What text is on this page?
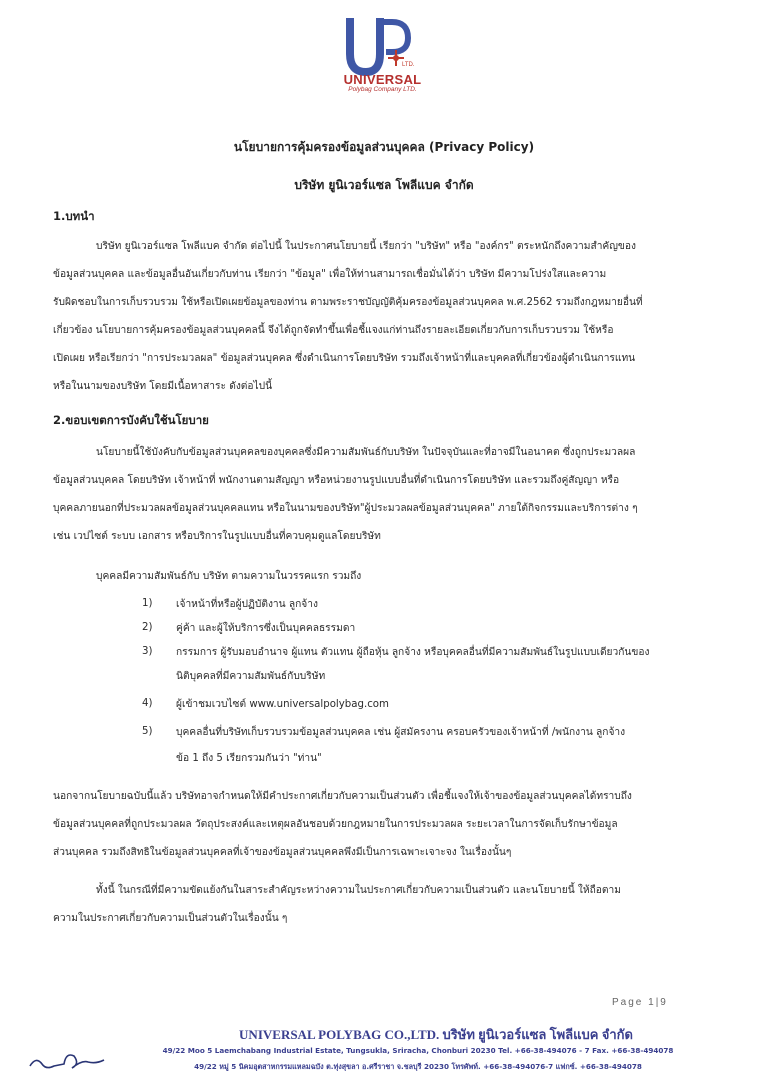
LTD.
UNIVERSAL
Polybag Company LTD.
นโยบายการคุ้มครองข้อมูลส่วนบุคคล (Privacy Policy)
บริษัท ยูนิเวอร์แซล โพลีแบค จำกัด
1.บทนำ
บริษัท ยูนิเวอร์แซล โพลีแบค จำกัด ต่อไปนี้ ในประกาศนโยบายนี้ เรียกว่า "บริษัท" หรือ "องค์กร" ตระหนักถึงความสำคัญของ
ข้อมูลส่วนบุคคล และข้อมูลอื่นอันเกี่ยวกับท่าน เรียกว่า "ข้อมูล" เพื่อให้ท่านสามารถเชื่อมั่นได้ว่า บริษัท มีความโปร่งใสและความ
รับผิดชอบในการเก็บรวบรวม ใช้หรือเปิดเผยข้อมูลของท่าน ตามพระราชบัญญัติคุ้มครองข้อมูลส่วนบุคคล พ.ศ.2562 รวมถึงกฎหมายอื่นที่
เกี่ยวข้อง นโยบายการคุ้มครองข้อมูลส่วนบุคคลนี้ จึงได้ถูกจัดทำขึ้นเพื่อชี้แจงแก่ท่านถึงรายละเอียดเกี่ยวกับการเก็บรวบรวม ใช้หรือ
เปิดเผย หรือเรียกว่า "การประมวลผล" ข้อมูลส่วนบุคคล ซึ่งดำเนินการโดยบริษัท รวมถึงเจ้าหน้าที่และบุคคลที่เกี่ยวข้องผู้ดำเนินการแทน
หรือในนามของบริษัท โดยมีเนื้อหาสาระ ดังต่อไปนี้
2.ขอบเขตการบังคับใช้นโยบาย
นโยบายนี้ใช้บังคับกับข้อมูลส่วนบุคคลของบุคคลซึ่งมีความสัมพันธ์กับบริษัท ในปัจจุบันและที่อาจมีในอนาคต ซึ่งถูกประมวลผล
ข้อมูลส่วนบุคคล โดยบริษัท เจ้าหน้าที่ พนักงานตามสัญญา หรือหน่วยงานรูปแบบอื่นที่ดำเนินการโดยบริษัท และรวมถึงคู่สัญญา หรือ
บุคคลภายนอกที่ประมวลผลข้อมูลส่วนบุคคลแทน หรือในนามของบริษัท"ผู้ประมวลผลข้อมูลส่วนบุคคล" ภายใต้กิจกรรมและบริการต่าง ๆ
เช่น เวปไซต์ ระบบ เอกสาร หรือบริการในรูปแบบอื่นที่ควบคุมดูแลโดยบริษัท
บุคคลมีความสัมพันธ์กับ บริษัท ตามความในวรรคแรก รวมถึง
1) เจ้าหน้าที่หรือผู้ปฏิบัติงาน ลูกจ้าง
2) คู่ค้า และผู้ให้บริการซึ่งเป็นบุคคลธรรมดา
3) กรรมการ ผู้รับมอบอำนาจ ผู้แทน ตัวแทน ผู้ถือหุ้น ลูกจ้าง หรือบุคคลอื่นที่มีความสัมพันธ์ในรูปแบบเดียวกันของ
นิติบุคคลที่มีความสัมพันธ์กับบริษัท
4) ผู้เข้าชมเวบไซต์ www.universalpolybag.com
5) บุคคลอื่นที่บริษัทเก็บรวบรวมข้อมูลส่วนบุคคล เช่น ผู้สมัครงาน ครอบครัวของเจ้าหน้าที่ /พนักงาน ลูกจ้าง
ข้อ 1 ถึง 5 เรียกรวมกันว่า "ท่าน"
นอกจากนโยบายฉบับนี้แล้ว บริษัทอาจกำหนดให้มีคำประกาศเกี่ยวกับความเป็นส่วนตัว เพื่อชี้แจงให้เจ้าของข้อมูลส่วนบุคคลได้ทราบถึง
ข้อมูลส่วนบุคคลที่ถูกประมวลผล วัตถุประสงค์และเหตุผลอันชอบด้วยกฎหมายในการประมวลผล ระยะเวลาในการจัดเก็บรักษาข้อมูล
ส่วนบุคคล รวมถึงสิทธิในข้อมูลส่วนบุคคลที่เจ้าของข้อมูลส่วนบุคคลพึงมีเป็นการเฉพาะเจาะจง ในเรื่องนั้นๆ
ทั้งนี้ ในกรณีที่มีความขัดแย้งกันในสาระสำคัญระหว่างความในประกาศเกี่ยวกับความเป็นส่วนตัว และนโยบายนี้ ให้ถือตาม
ความในประกาศเกี่ยวกับความเป็นส่วนตัวในเรื่องนั้น ๆ
Page 1|9
UNIVERSAL POLYBAG CO.,LTD. บริษัท ยูนิเวอร์แซล โพลีแบค จำกัด
49/22 Moo 5 Laemchabang Industrial Estate, Tungsukla, Sriracha, Chonburi 20230 Tel. +66-38-494076 - 7 Fax. +66-38-494078
49/22 หมู่ 5 นิคมอุตสาหกรรมแหลมฉบัง ต.ทุ่งสุขลา อ.ศรีราชา จ.ชลบุรี 20230 โทรศัพท์. +66-38-494076-7 แฟกซ์. +66-38-494078
